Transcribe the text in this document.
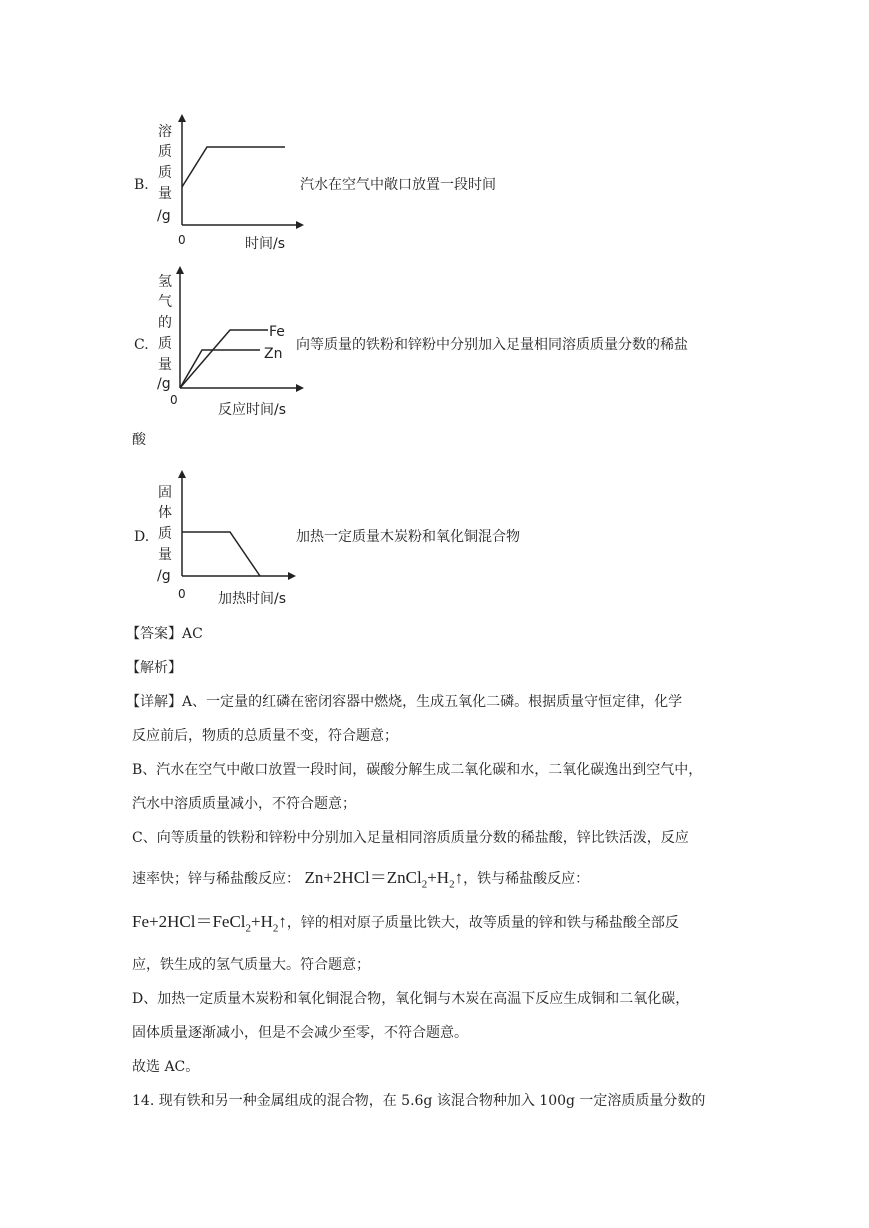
B.
溶
质
质
量
/g
0	时间/s
汽水在空气中敞口放置一段时间
C.
Fe
Zn
氢
气
的
质
量
/g
0
反应时间/s
向等质量的铁粉和锌粉中分别加入足量相同溶质质量分数的稀盐
酸
D.
固
体
质
量
/g
0 加热时间/s
加热一定质量木炭粉和氧化铜混合物
【答案】AC
【解析】
【详解】A、一定量的红磷在密闭容器中燃烧，生成五氧化二磷。根据质量守恒定律，化学
反应前后，物质的总质量不变，符合题意；
B、汽水在空气中敞口放置一段时间，碳酸分解生成二氧化碳和水，二氧化碳逸出到空气中，
汽水中溶质质量减小，不符合题意；
C、向等质量的铁粉和锌粉中分别加入足量相同溶质质量分数的稀盐酸，锌比铁活泼，反应
速率快；锌与稀盐酸反应： $Zn+2HCl=ZnCl_2+H_2↑$，铁与稀盐酸反应：
$Fe+2HCl=FeCl_2+H_2↑$，锌的相对原子质量比铁大，故等质量的锌和铁与稀盐酸全部反
应，铁生成的氢气质量大。符合题意；
D、加热一定质量木炭粉和氧化铜混合物，氧化铜与木炭在高温下反应生成铜和二氧化碳，
固体质量逐渐减小，但是不会减少至零，不符合题意。
故选 AC。
14. 现有铁和另一种金属组成的混合物，在 5.6g 该混合物种加入 100g 一定溶质质量分数的
